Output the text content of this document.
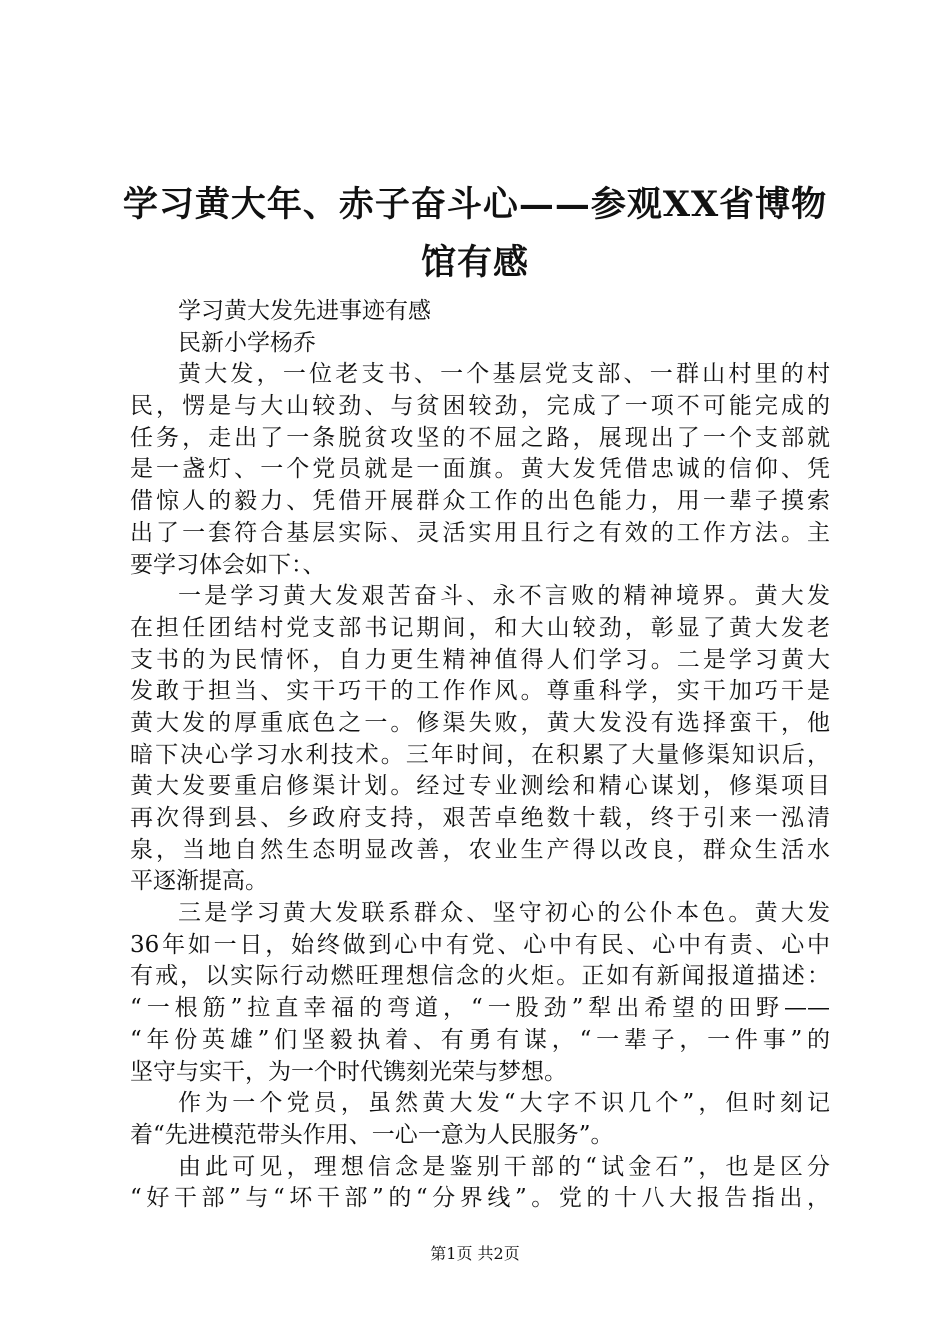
学习黄大年、赤子奋斗心——参观XX省博物
馆有感
学习黄大发先进事迹有感
民新小学杨乔
黄大发，一位老支书、一个基层党支部、一群山村里的村
民，愣是与大山较劲、与贫困较劲，完成了一项不可能完成的
任务，走出了一条脱贫攻坚的不屈之路，展现出了一个支部就
是一盏灯、一个党员就是一面旗。黄大发凭借忠诚的信仰、凭
借惊人的毅力、凭借开展群众工作的出色能力，用一辈子摸索
出了一套符合基层实际、灵活实用且行之有效的工作方法。主
要学习体会如下：、
一是学习黄大发艰苦奋斗、永不言败的精神境界。黄大发
在担任团结村党支部书记期间，和大山较劲，彰显了黄大发老
支书的为民情怀，自力更生精神值得人们学习。二是学习黄大
发敢于担当、实干巧干的工作作风。尊重科学，实干加巧干是
黄大发的厚重底色之一。修渠失败，黄大发没有选择蛮干，他
暗下决心学习水利技术。三年时间，在积累了大量修渠知识后，
黄大发要重启修渠计划。经过专业测绘和精心谋划，修渠项目
再次得到县、乡政府支持，艰苦卓绝数十载，终于引来一泓清
泉，当地自然生态明显改善，农业生产得以改良，群众生活水
平逐渐提高。
三是学习黄大发联系群众、坚守初心的公仆本色。黄大发
36年如一日，始终做到心中有党、心中有民、心中有责、心中
有戒，以实际行动燃旺理想信念的火炬。正如有新闻报道描述：
“一根筋”拉直幸福的弯道，“一股劲”犁出希望的田野——
“年份英雄”们坚毅执着、有勇有谋，“一辈子，一件事”的
坚守与实干，为一个时代镌刻光荣与梦想。
作为一个党员，虽然黄大发“大字不识几个”，但时刻记
着“先进模范带头作用、一心一意为人民服务”。
由此可见，理想信念是鉴别干部的“试金石”，也是区分
“好干部”与“坏干部”的“分界线”。党的十八大报告指出，
第1页 共2页
